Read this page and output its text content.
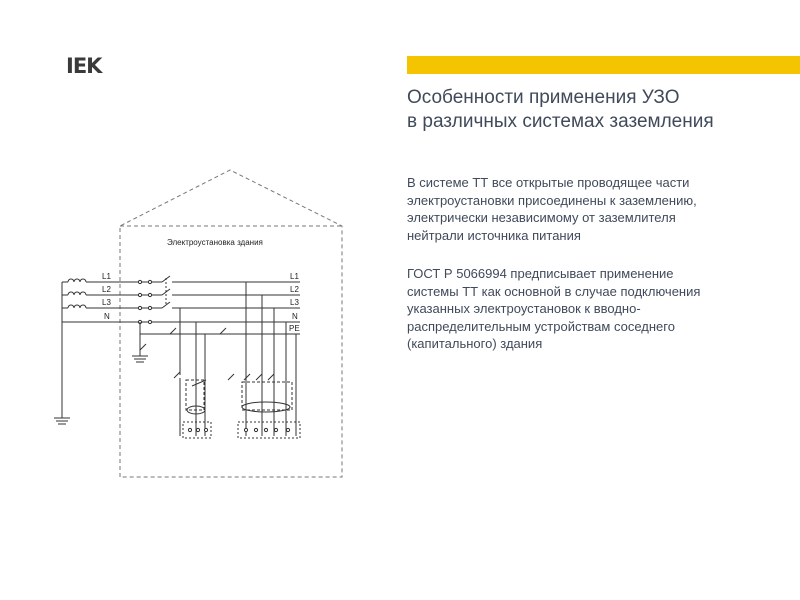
IEK
Особенности применения УЗО
в различных системах заземления
В системе ТТ все открытые проводящее части
электроустановки присоединены к заземлению,
электрически независимому от заземлителя
нейтрали источника питания
ГОСТ Р 5066994 предписывает применение
системы ТТ как основной в случае подключения
указанных электроустановок к вводно-
распределительным устройствам соседнего
(капитального) здания
Электроустановка здания
L1
L2
L3
N
L1
L2
L3
N
PE
